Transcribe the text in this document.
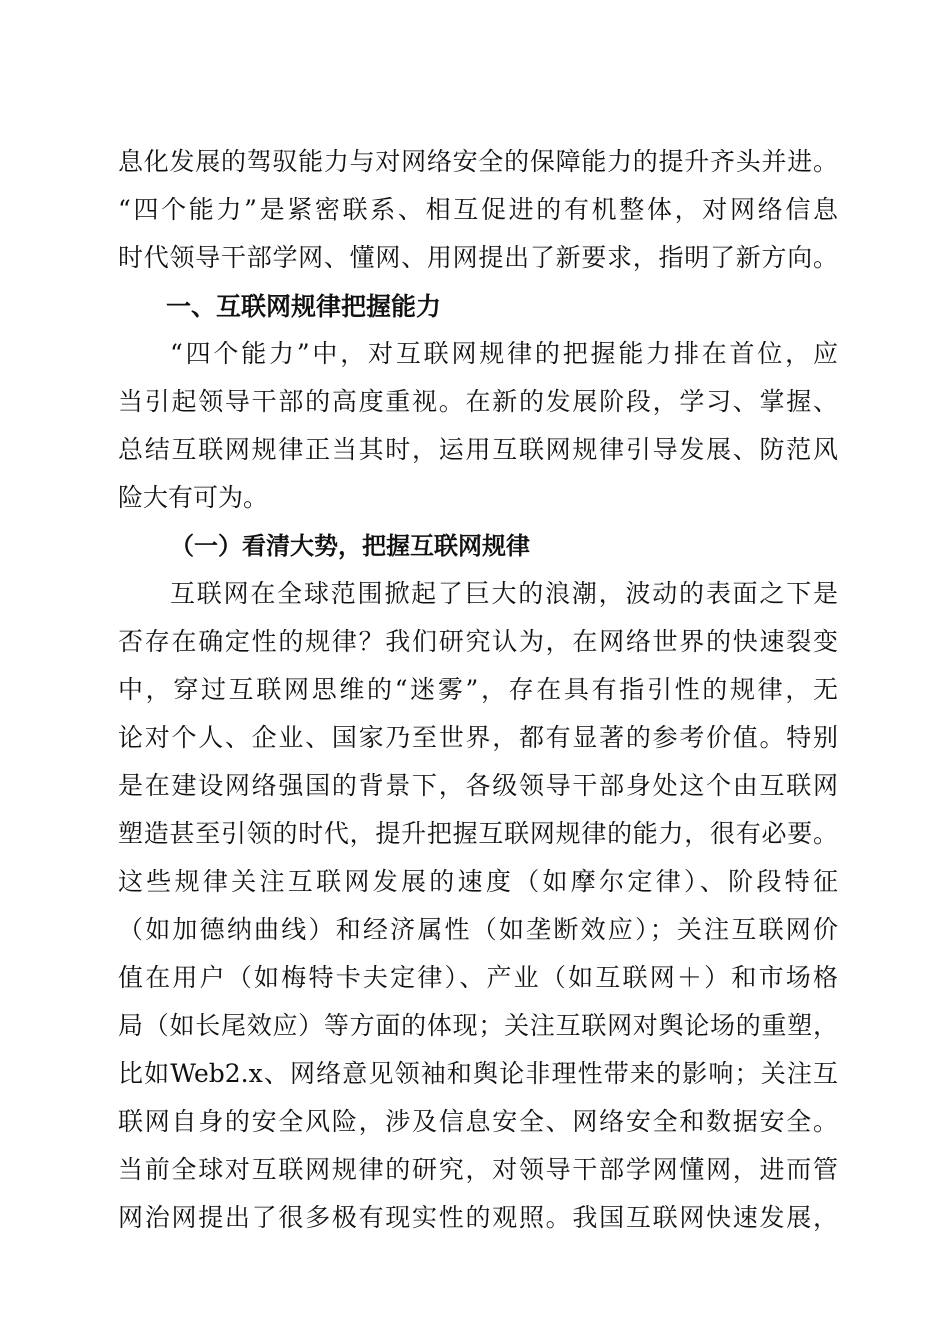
息化发展的驾驭能力与对网络安全的保障能力的提升齐头并进。
“四个能力”是紧密联系、相互促进的有机整体，对网络信息
时代领导干部学网、懂网、用网提出了新要求，指明了新方向。
一、互联网规律把握能力
“四个能力”中，对互联网规律的把握能力排在首位，应
当引起领导干部的高度重视。在新的发展阶段，学习、掌握、
总结互联网规律正当其时，运用互联网规律引导发展、防范风
险大有可为。
（一）看清大势，把握互联网规律
互联网在全球范围掀起了巨大的浪潮，波动的表面之下是
否存在确定性的规律？我们研究认为，在网络世界的快速裂变
中，穿过互联网思维的“迷雾”，存在具有指引性的规律，无
论对个人、企业、国家乃至世界，都有显著的参考价值。特别
是在建设网络强国的背景下，各级领导干部身处这个由互联网
塑造甚至引领的时代，提升把握互联网规律的能力，很有必要。
这些规律关注互联网发展的速度（如摩尔定律）、阶段特征
（如加德纳曲线）和经济属性（如垄断效应）；关注互联网价
值在用户（如梅特卡夫定律）、产业（如互联网＋）和市场格
局（如长尾效应）等方面的体现；关注互联网对舆论场的重塑，
比如Web2.x、网络意见领袖和舆论非理性带来的影响；关注互
联网自身的安全风险，涉及信息安全、网络安全和数据安全。
当前全球对互联网规律的研究，对领导干部学网懂网，进而管
网治网提出了很多极有现实性的观照。我国互联网快速发展，
